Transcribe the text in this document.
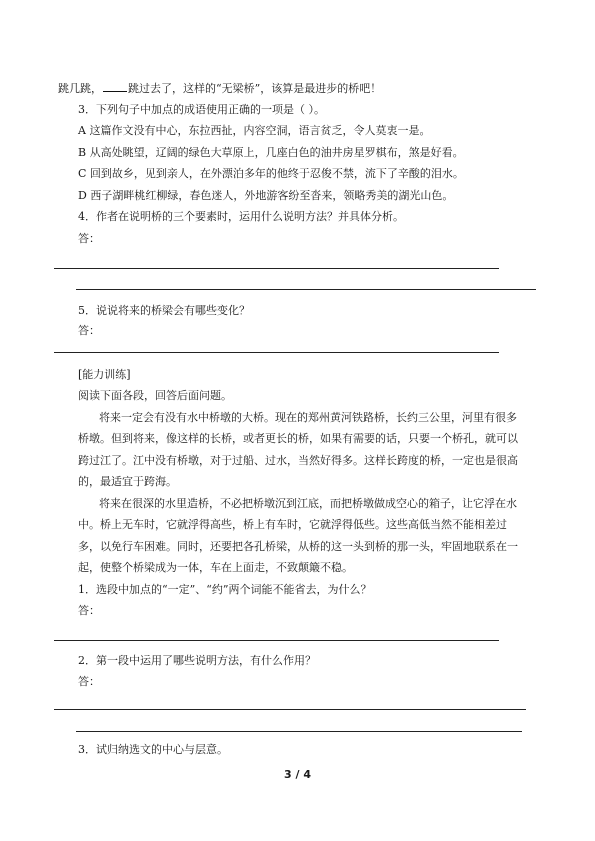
跳几跳， 跳过去了，这样的“无梁桥”，该算是最进步的桥吧！
3．下列句子中加点的成语使用正确的一项是（ ）。
A 这篇作文没有中心，东拉西扯，内容空洞，语言贫乏，令人莫衷一是。
B 从高处眺望，辽阔的绿色大草原上，几座白色的油井房星罗棋布，煞是好看。
C 回到故乡，见到亲人，在外漂泊多年的他终于忍俊不禁，流下了辛酸的泪水。
D 西子湖畔桃红柳绿，春色迷人，外地游客纷至沓来，领略秀美的湖光山色。
4．作者在说明桥的三个要素时，运用什么说明方法？并具体分析。
答：
5．说说将来的桥梁会有哪些变化？
答：
[能力训练]
阅读下面各段，回答后面问题。
将来一定会有没有水中桥墩的大桥。现在的郑州黄河铁路桥，长约三公里，河里有很多
桥墩。但到将来，像这样的长桥，或者更长的桥，如果有需要的话，只要一个桥孔，就可以
跨过江了。江中没有桥墩，对于过船、过水，当然好得多。这样长跨度的桥，一定也是很高
的，最适宜于跨海。
将来在很深的水里造桥，不必把桥墩沉到江底，而把桥墩做成空心的箱子，让它浮在水
中。桥上无车时，它就浮得高些，桥上有车时，它就浮得低些。这些高低当然不能相差过
多，以免行车困难。同时，还要把各孔桥梁，从桥的这一头到桥的那一头，牢固地联系在一
起，使整个桥梁成为一体，车在上面走，不致颠簸不稳。
1．选段中加点的“一定”、“约”两个词能不能省去，为什么？
答：
2．第一段中运用了哪些说明方法，有什么作用？
答：
3．试归纳选文的中心与层意。
3 / 4
